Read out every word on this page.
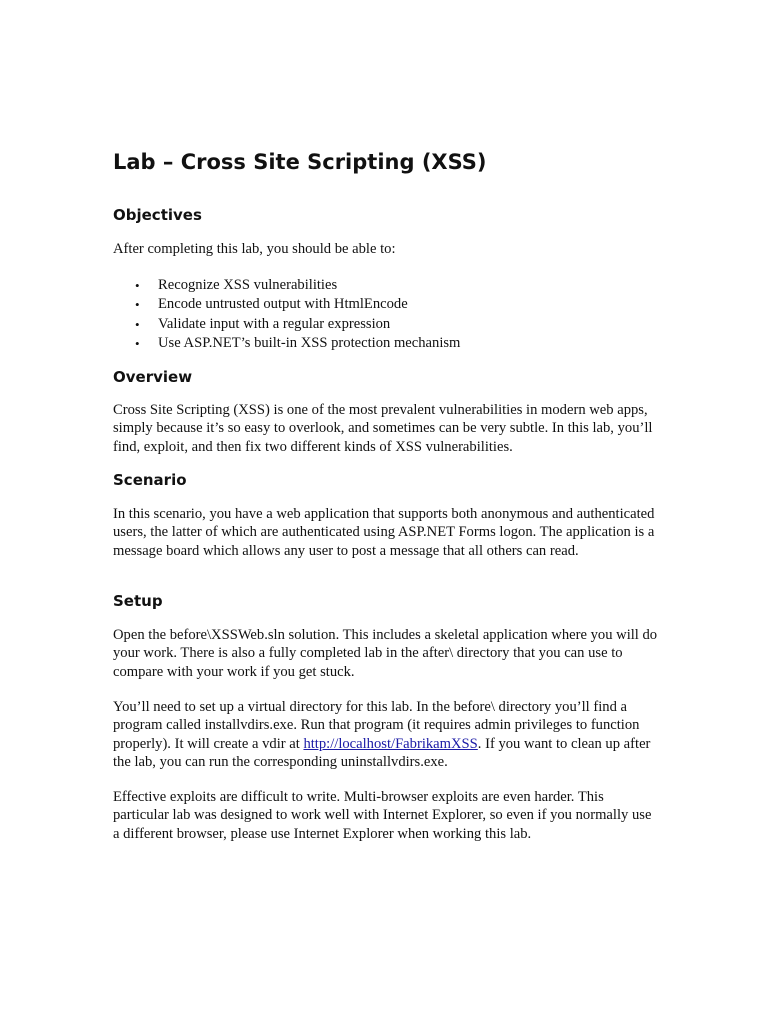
Lab – Cross Site Scripting (XSS)
Objectives

After completing this lab, you should be able to:

• Recognize XSS vulnerabilities
• Encode untrusted output with HtmlEncode
• Validate input with a regular expression
• Use ASP.NET’s built-in XSS protection mechanism
Overview

Cross Site Scripting (XSS) is one of the most prevalent vulnerabilities in modern web apps, simply because it’s so easy to overlook, and sometimes can be very subtle. In this lab, you’ll find, exploit, and then fix two different kinds of XSS vulnerabilities.

Scenario

In this scenario, you have a web application that supports both anonymous and authenticated users, the latter of which are authenticated using ASP.NET Forms logon. The application is a message board which allows any user to post a message that all others can read.

Setup

Open the before\XSSWeb.sln solution. This includes a skeletal application where you will do your work. There is also a fully completed lab in the after\ directory that you can use to compare with your work if you get stuck.

You’ll need to set up a virtual directory for this lab. In the before\ directory you’ll find a program called installvdirs.exe. Run that program (it requires admin privileges to function properly). It will create a vdir at http://localhost/FabrikamXSS. If you want to clean up after the lab, you can run the corresponding uninstallvdirs.exe.

Effective exploits are difficult to write. Multi-browser exploits are even harder. This particular lab was designed to work well with Internet Explorer, so even if you normally use a different browser, please use Internet Explorer when working this lab.
